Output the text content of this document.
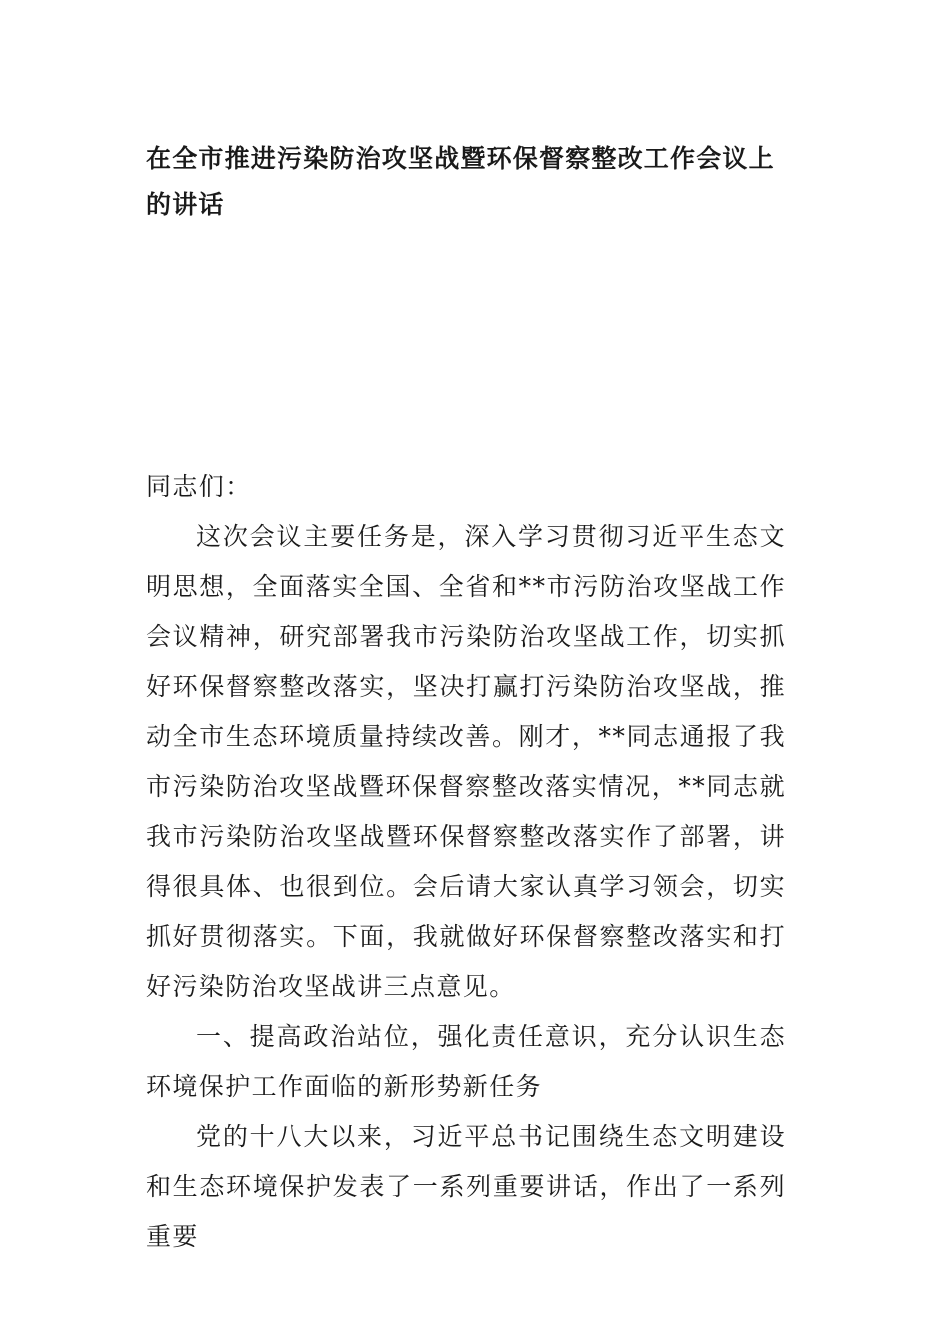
在全市推进污染防治攻坚战暨环保督察整改工作会议上的讲话

同志们：

这次会议主要任务是，深入学习贯彻习近平生态文明思想，全面落实全国、全省和**市污防治攻坚战工作会议精神，研究部署我市污染防治攻坚战工作，切实抓好环保督察整改落实，坚决打赢打污染防治攻坚战，推动全市生态环境质量持续改善。刚才，**同志通报了我市污染防治攻坚战暨环保督察整改落实情况，**同志就我市污染防治攻坚战暨环保督察整改落实作了部署，讲得很具体、也很到位。会后请大家认真学习领会，切实抓好贯彻落实。下面，我就做好环保督察整改落实和打好污染防治攻坚战讲三点意见。

一、提高政治站位，强化责任意识，充分认识生态环境保护工作面临的新形势新任务

党的十八大以来，习近平总书记围绕生态文明建设和生态环境保护发表了一系列重要讲话，作出了一系列重要
